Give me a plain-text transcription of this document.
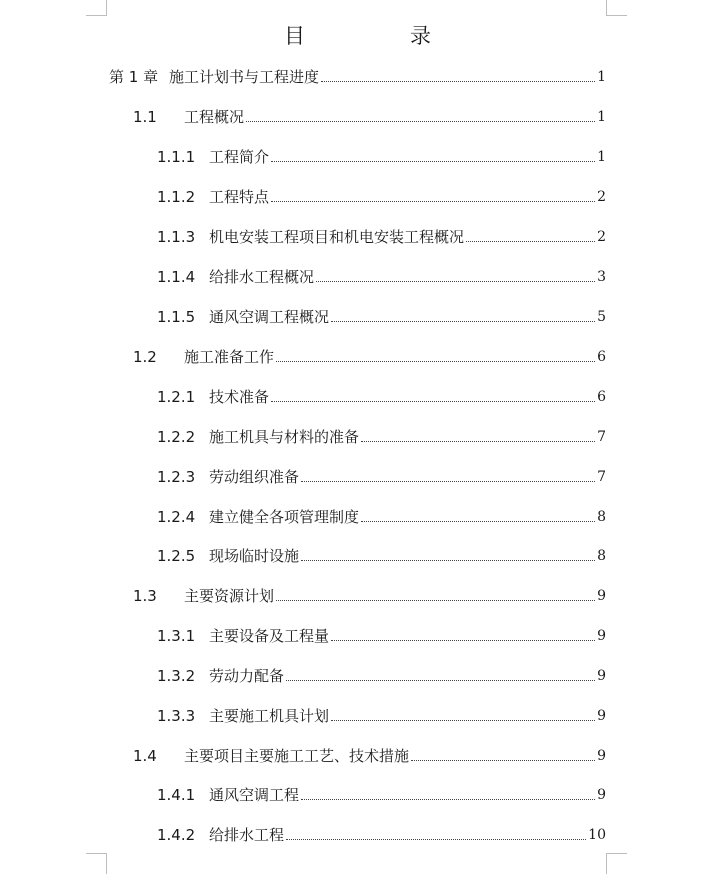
目　录
第 1 章 施工计划书与工程进度	1
1.1	工程概况	1
1.1.1 工程简介	1
1.1.2 工程特点	2
1.1.3 机电安装工程项目和机电安装工程概况	2
1.1.4 给排水工程概况	3
1.1.5 通风空调工程概况	5
1.2	施工准备工作	6
1.2.1 技术准备	6
1.2.2 施工机具与材料的准备	7
1.2.3 劳动组织准备	7
1.2.4 建立健全各项管理制度	8
1.2.5 现场临时设施	8
1.3	主要资源计划	9
1.3.1 主要设备及工程量	9
1.3.2 劳动力配备	9
1.3.3 主要施工机具计划	9
1.4	主要项目主要施工工艺、技术措施	9
1.4.1 通风空调工程	9
1.4.2 给排水工程	10
